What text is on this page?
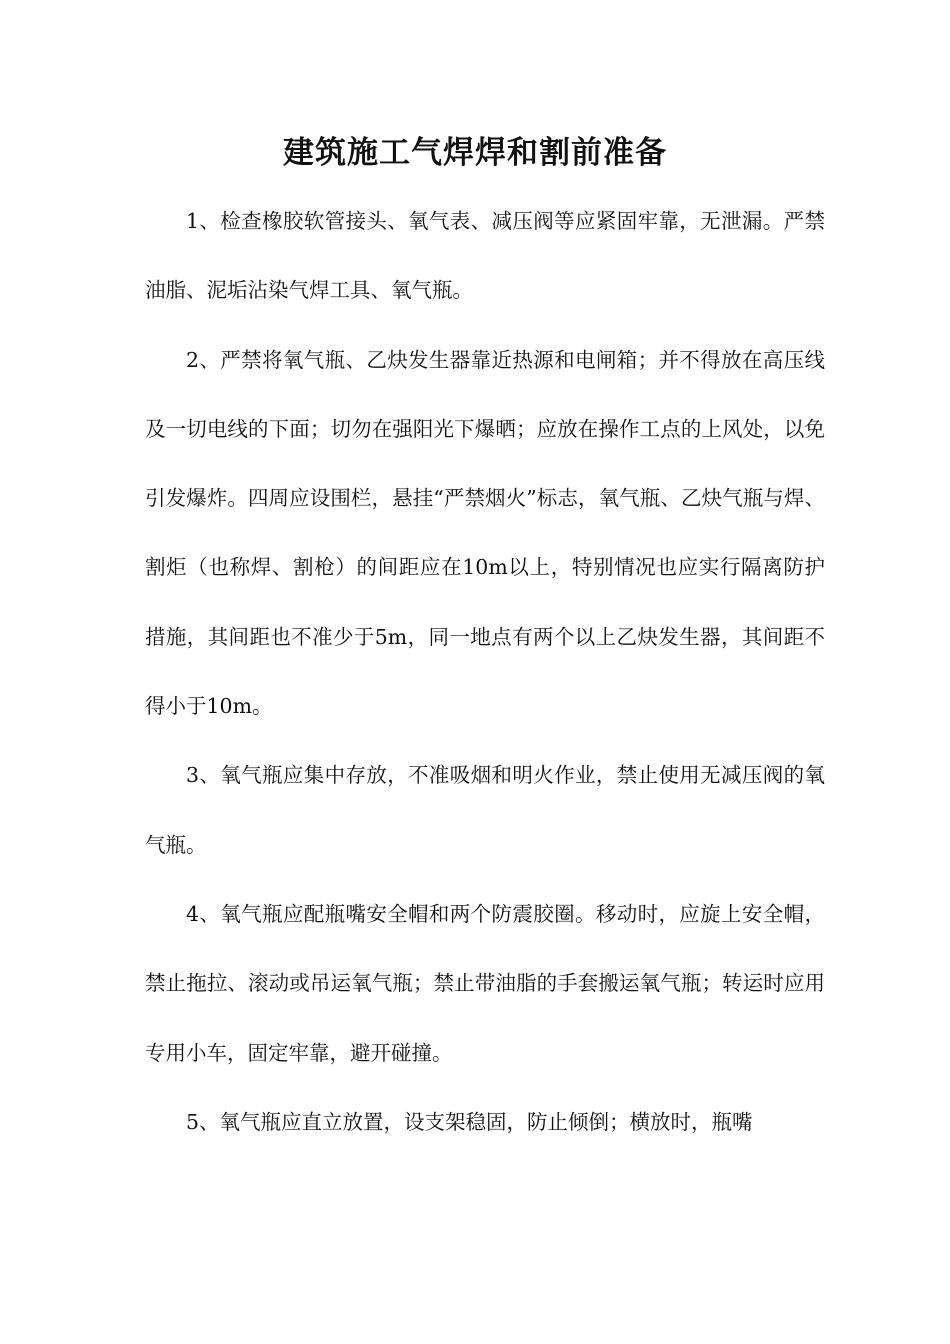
建筑施工气焊焊和割前准备

1、检查橡胶软管接头、氧气表、减压阀等应紧固牢靠，无泄漏。严禁油脂、泥垢沾染气焊工具、氧气瓶。

2、严禁将氧气瓶、乙炔发生器靠近热源和电闸箱；并不得放在高压线及一切电线的下面；切勿在强阳光下爆晒；应放在操作工点的上风处，以免引发爆炸。四周应设围栏，悬挂“严禁烟火”标志，氧气瓶、乙炔气瓶与焊、割炬（也称焊、割枪）的间距应在10m以上，特别情况也应实行隔离防护措施，其间距也不准少于5m，同一地点有两个以上乙炔发生器，其间距不得小于10m。

3、氧气瓶应集中存放，不准吸烟和明火作业，禁止使用无减压阀的氧气瓶。

4、氧气瓶应配瓶嘴安全帽和两个防震胶圈。移动时，应旋上安全帽，禁止拖拉、滚动或吊运氧气瓶；禁止带油脂的手套搬运氧气瓶；转运时应用专用小车，固定牢靠，避开碰撞。

5、氧气瓶应直立放置，设支架稳固，防止倾倒；横放时，瓶嘴
